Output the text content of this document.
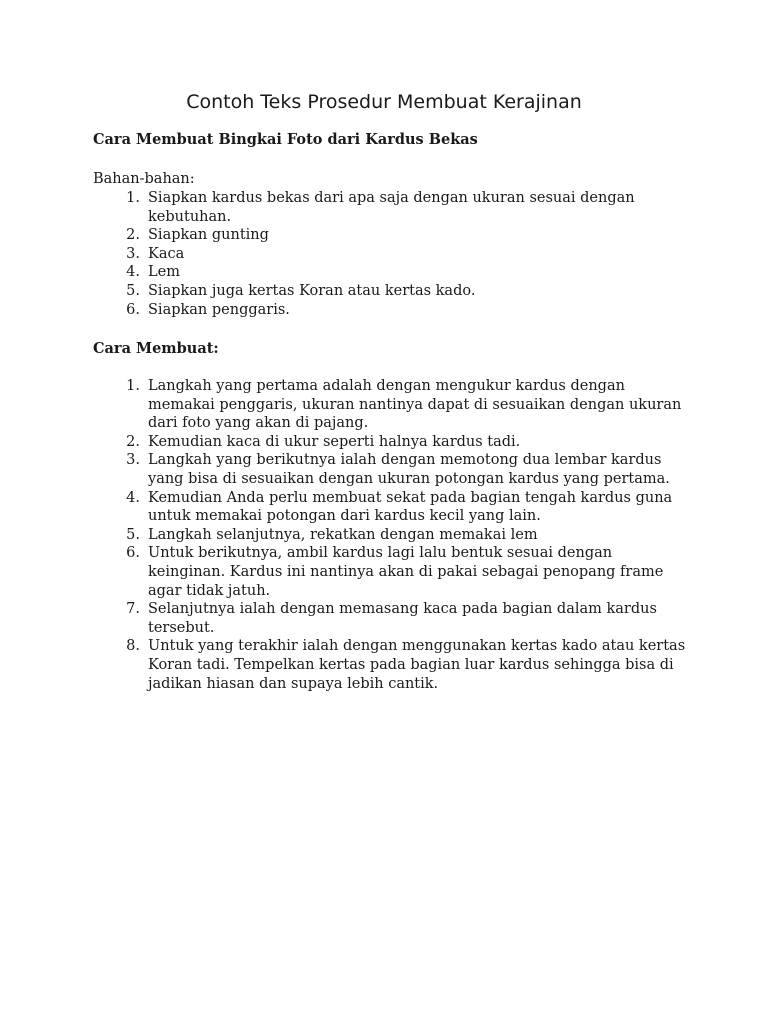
Contoh Teks Prosedur Membuat Kerajinan

Cara Membuat Bingkai Foto dari Kardus Bekas

Bahan-bahan:

1. Siapkan kardus bekas dari apa saja dengan ukuran sesuai dengan kebutuhan.
2. Siapkan gunting
3. Kaca
4. Lem
5. Siapkan juga kertas Koran atau kertas kado.
6. Siapkan penggaris.

Cara Membuat:

1. Langkah yang pertama adalah dengan mengukur kardus dengan memakai penggaris, ukuran nantinya dapat di sesuaikan dengan ukuran dari foto yang akan di pajang.
2. Kemudian kaca di ukur seperti halnya kardus tadi.
3. Langkah yang berikutnya ialah dengan memotong dua lembar kardus yang bisa di sesuaikan dengan ukuran potongan kardus yang pertama.
4. Kemudian Anda perlu membuat sekat pada bagian tengah kardus guna untuk memakai potongan dari kardus kecil yang lain.
5. Langkah selanjutnya, rekatkan dengan memakai lem
6. Untuk berikutnya, ambil kardus lagi lalu bentuk sesuai dengan keinginan. Kardus ini nantinya akan di pakai sebagai penopang frame agar tidak jatuh.
7. Selanjutnya ialah dengan memasang kaca pada bagian dalam kardus tersebut.
8. Untuk yang terakhir ialah dengan menggunakan kertas kado atau kertas Koran tadi. Tempelkan kertas pada bagian luar kardus sehingga bisa di jadikan hiasan dan supaya lebih cantik.
